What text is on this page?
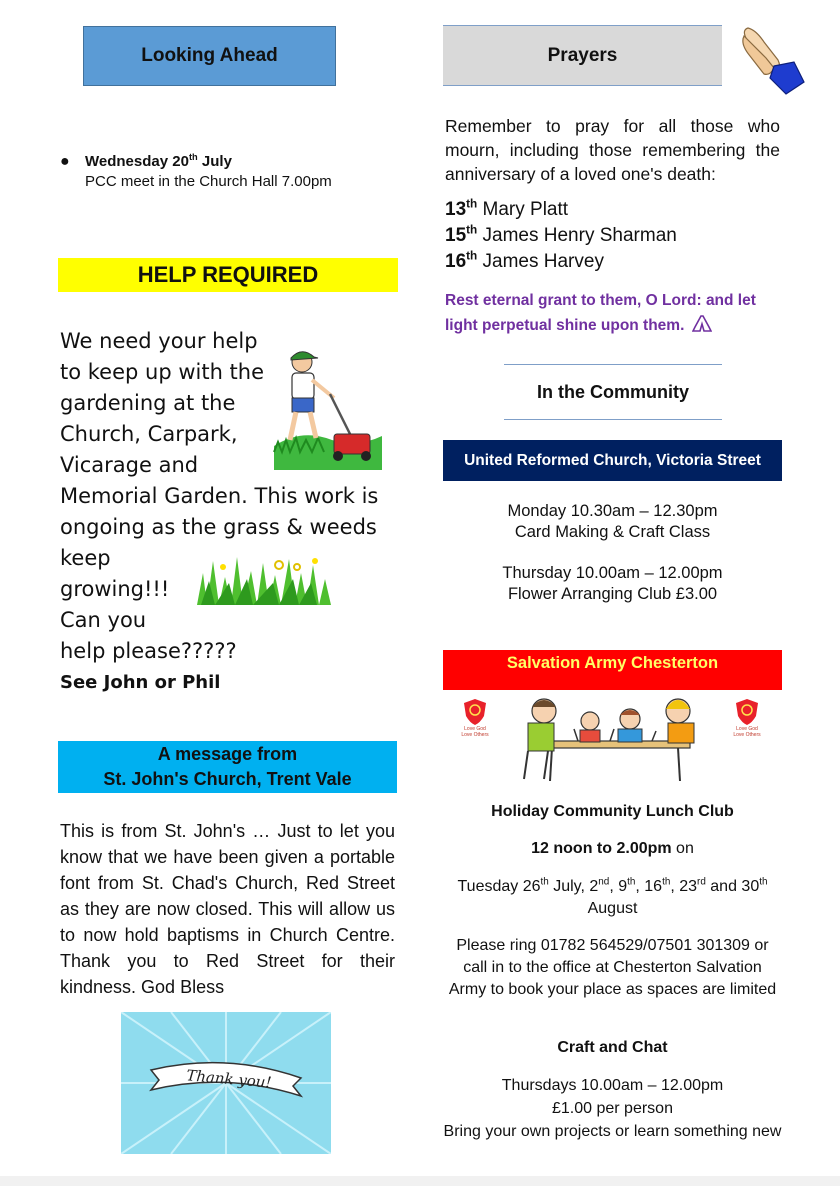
Looking Ahead
● Wednesday 20th July
PCC meet in the Church Hall 7.00pm
HELP REQUIRED
We need your help
to keep up with the
gardening at the
Church, Carpark,
Vicarage and
Memorial Garden. This work is
ongoing as the grass & weeds
keep
growing!!!
Can you
help please?????
See John or Phil
A message from
St. John's Church, Trent Vale
This is from St. John's … Just to let you know that we have been given a portable font from St. Chad's Church, Red Street as they are now closed. This will allow us to now hold baptisms in Church Centre. Thank you to Red Street for their kindness. God Bless
Thank you!
Prayers
Remember to pray for all those who mourn, including those remembering the anniversary of a loved one's death:
13th Mary Platt
15th James Henry Sharman
16th James Harvey
Rest eternal grant to them, O Lord: and let light perpetual shine upon them.
In the Community
United Reformed Church, Victoria Street
Monday 10.30am – 12.30pm
Card Making & Craft Class
Thursday 10.00am – 12.00pm
Flower Arranging Club £3.00
Salvation Army Chesterton
Love God
Love Others
Love God
Love Others
Holiday Community Lunch Club
12 noon to 2.00pm on
Tuesday 26th July, 2nd, 9th, 16th, 23rd and 30th August
Please ring 01782 564529/07501 301309 or call in to the office at Chesterton Salvation Army to book your place as spaces are limited
Craft and Chat
Thursdays 10.00am – 12.00pm
£1.00 per person
Bring your own projects or learn something new
